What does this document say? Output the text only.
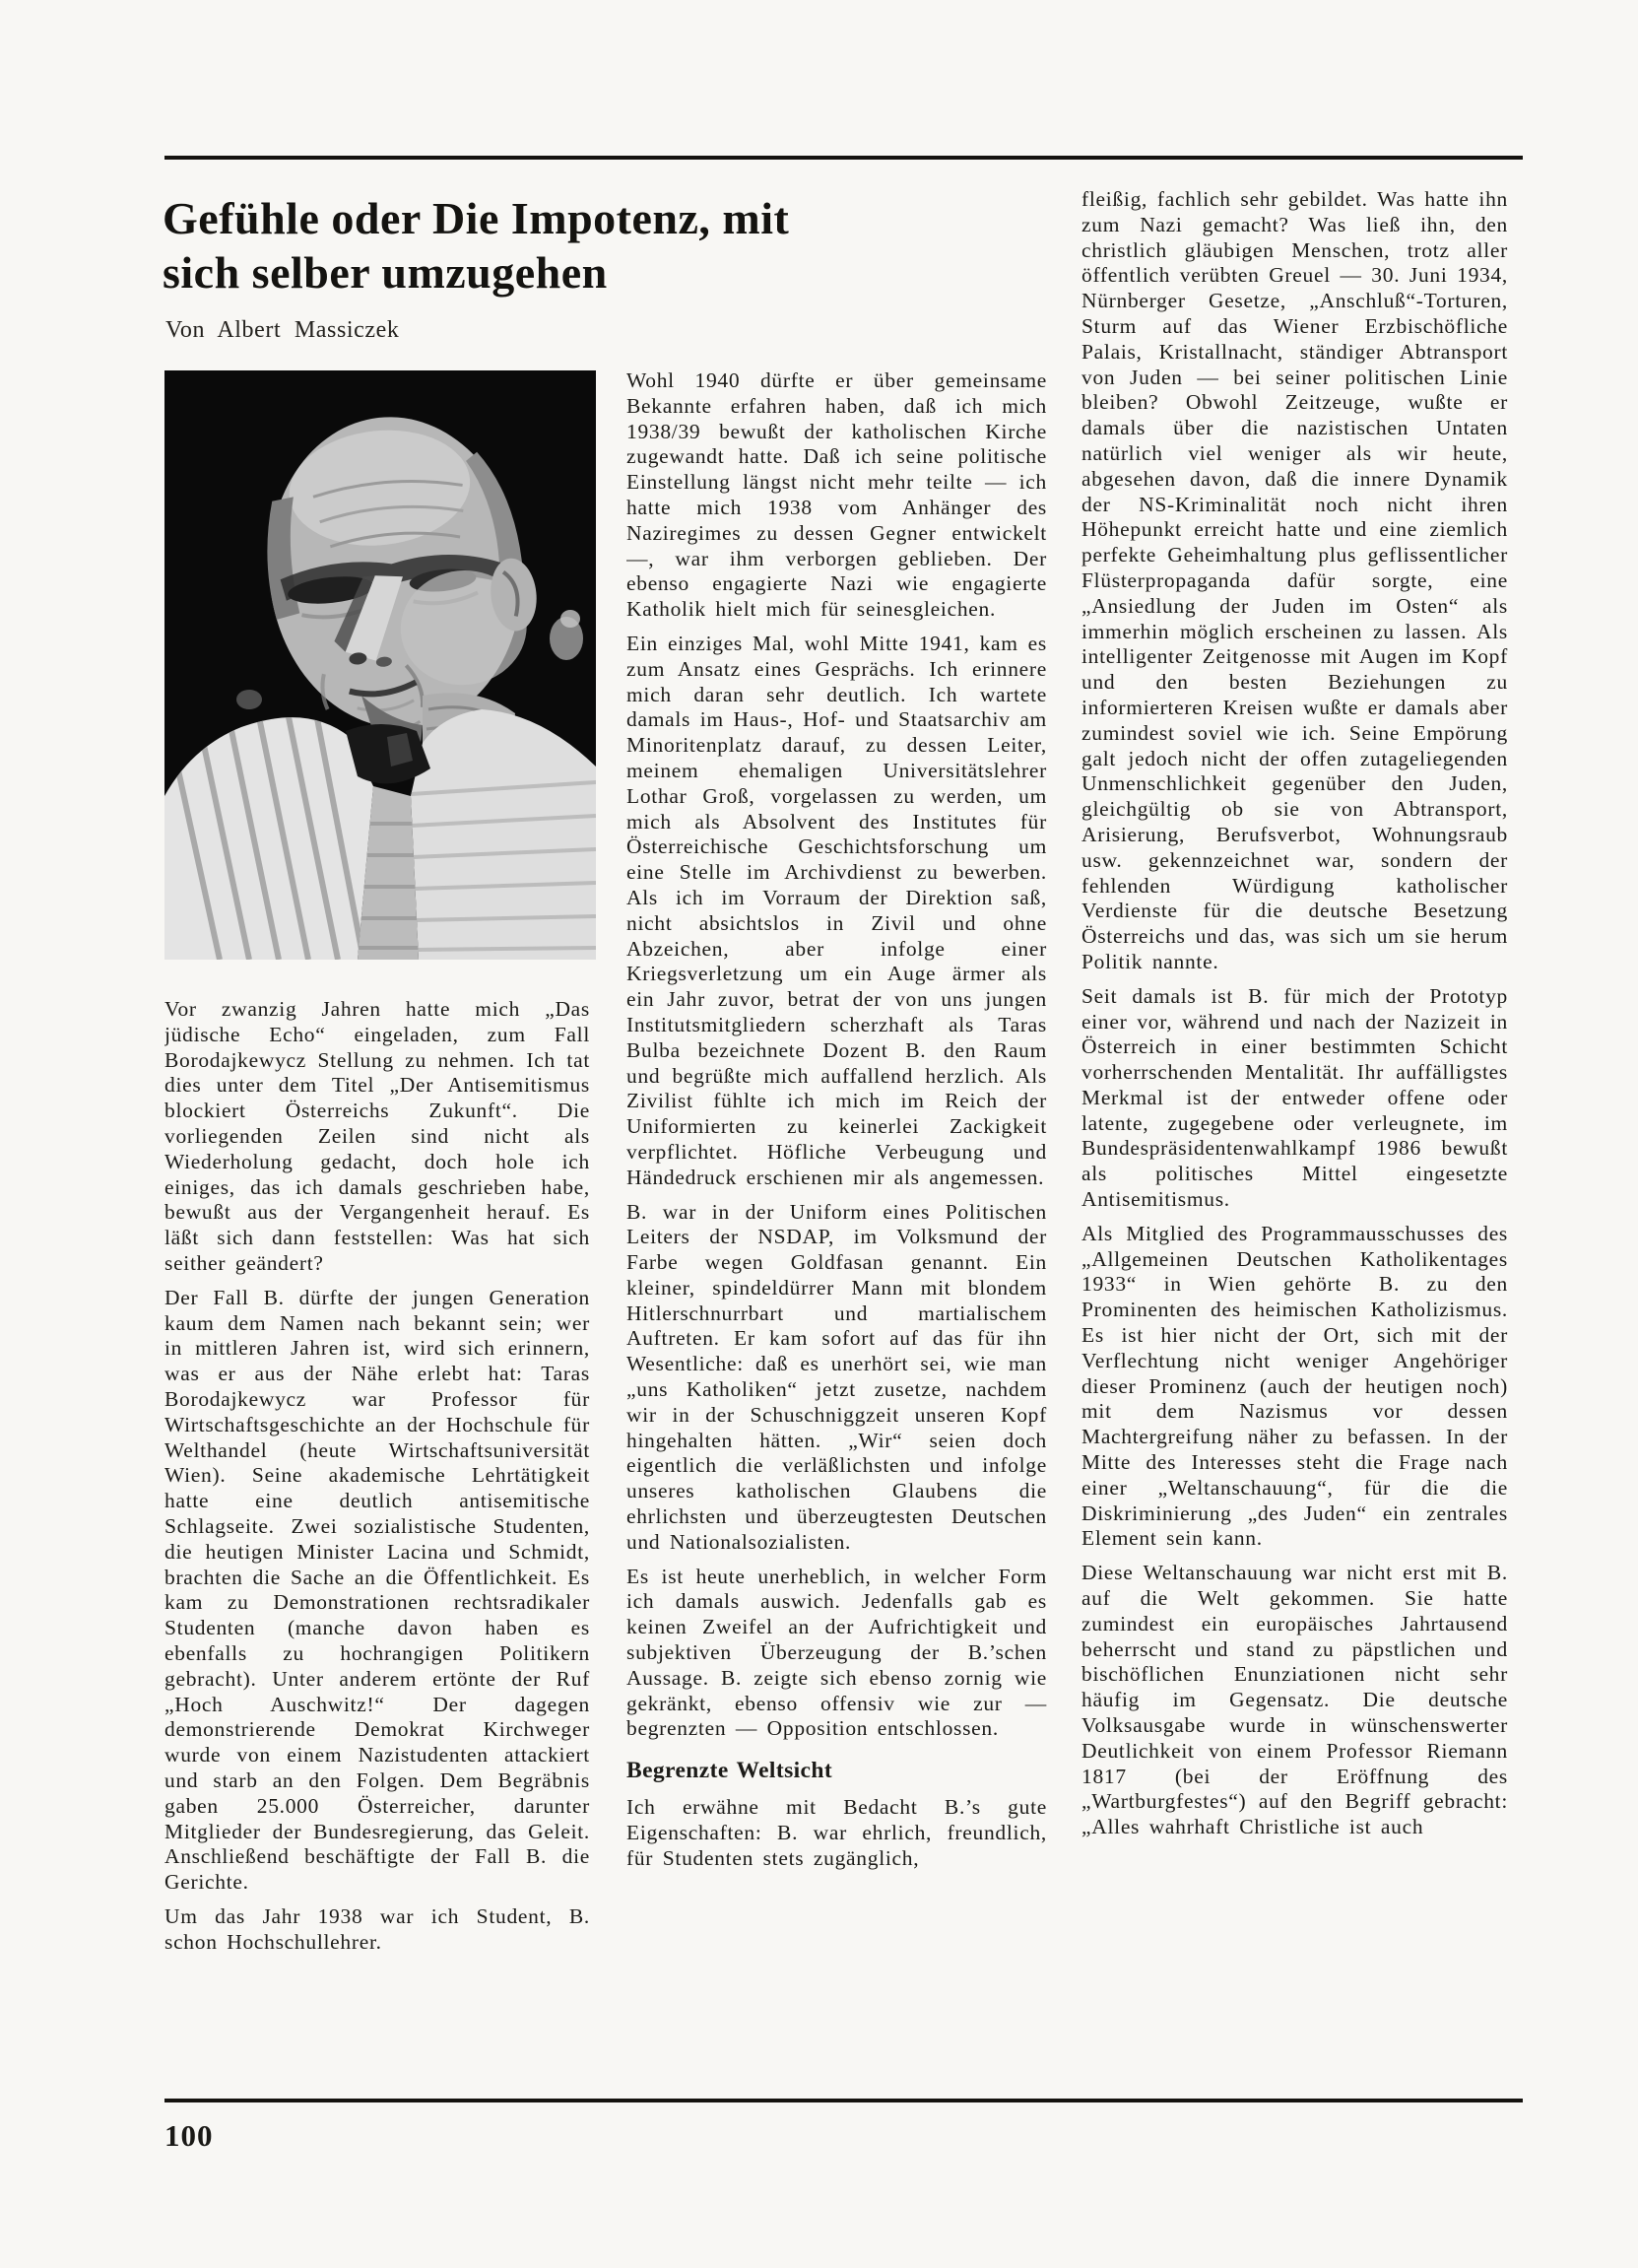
Gefühle oder Die Impotenz, mit
sich selber umzugehen
Von Albert Massiczek

Vor zwanzig Jahren hatte mich „Das jüdische Echo“ eingeladen, zum Fall Borodajkewycz Stellung zu nehmen. Ich tat dies unter dem Titel „Der Antisemitismus blockiert Österreichs Zukunft“. Die vorliegenden Zeilen sind nicht als Wiederholung gedacht, doch hole ich einiges, das ich damals geschrieben habe, bewußt aus der Vergangenheit herauf. Es läßt sich dann feststellen: Was hat sich seither geändert?

Der Fall B. dürfte der jungen Generation kaum dem Namen nach bekannt sein; wer in mittleren Jahren ist, wird sich erinnern, was er aus der Nähe erlebt hat: Taras Borodajkewycz war Professor für Wirtschaftsgeschichte an der Hochschule für Welthandel (heute Wirtschaftsuniversität Wien). Seine akademische Lehrtätigkeit hatte eine deutlich antisemitische Schlagseite. Zwei sozialistische Studenten, die heutigen Minister Lacina und Schmidt, brachten die Sache an die Öffentlichkeit. Es kam zu Demonstrationen rechtsradikaler Studenten (manche davon haben es ebenfalls zu hochrangigen Politikern gebracht). Unter anderem ertönte der Ruf „Hoch Auschwitz!“ Der dagegen demonstrierende Demokrat Kirchweger wurde von einem Nazistudenten attackiert und starb an den Folgen. Dem Begräbnis gaben 25.000 Österreicher, darunter Mitglieder der Bundesregierung, das Geleit. Anschließend beschäftigte der Fall B. die Gerichte.

Um das Jahr 1938 war ich Student, B. schon Hochschullehrer.

Wohl 1940 dürfte er über gemeinsame Bekannte erfahren haben, daß ich mich 1938/39 bewußt der katholischen Kirche zugewandt hatte. Daß ich seine politische Einstellung längst nicht mehr teilte — ich hatte mich 1938 vom Anhänger des Naziregimes zu dessen Gegner entwickelt —, war ihm verborgen geblieben. Der ebenso engagierte Nazi wie engagierte Katholik hielt mich für seinesgleichen.

Ein einziges Mal, wohl Mitte 1941, kam es zum Ansatz eines Gesprächs. Ich erinnere mich daran sehr deutlich. Ich wartete damals im Haus-, Hof- und Staatsarchiv am Minoritenplatz darauf, zu dessen Leiter, meinem ehemaligen Universitätslehrer Lothar Groß, vorgelassen zu werden, um mich als Absolvent des Institutes für Österreichische Geschichtsforschung um eine Stelle im Archivdienst zu bewerben. Als ich im Vorraum der Direktion saß, nicht absichtslos in Zivil und ohne Abzeichen, aber infolge einer Kriegsverletzung um ein Auge ärmer als ein Jahr zuvor, betrat der von uns jungen Institutsmitgliedern scherzhaft als Taras Bulba bezeichnete Dozent B. den Raum und begrüßte mich auffallend herzlich. Als Zivilist fühlte ich mich im Reich der Uniformierten zu keinerlei Zackigkeit verpflichtet. Höfliche Verbeugung und Händedruck erschienen mir als angemessen.

B. war in der Uniform eines Politischen Leiters der NSDAP, im Volksmund der Farbe wegen Goldfasan genannt. Ein kleiner, spindeldürrer Mann mit blondem Hitlerschnurrbart und martialischem Auftreten. Er kam sofort auf das für ihn Wesentliche: daß es unerhört sei, wie man „uns Katholiken“ jetzt zusetze, nachdem wir in der Schuschniggzeit unseren Kopf hingehalten hätten. „Wir“ seien doch eigentlich die verläßlichsten und infolge unseres katholischen Glaubens die ehrlichsten und überzeugtesten Deutschen und Nationalsozialisten.

Es ist heute unerheblich, in welcher Form ich damals auswich. Jedenfalls gab es keinen Zweifel an der Aufrichtigkeit und subjektiven Überzeugung der B.’schen Aussage. B. zeigte sich ebenso zornig wie gekränkt, ebenso offensiv wie zur — begrenzten — Opposition entschlossen.

Begrenzte Weltsicht

Ich erwähne mit Bedacht B.’s gute Eigenschaften: B. war ehrlich, freundlich, für Studenten stets zugänglich,

fleißig, fachlich sehr gebildet. Was hatte ihn zum Nazi gemacht? Was ließ ihn, den christlich gläubigen Menschen, trotz aller öffentlich verübten Greuel — 30. Juni 1934, Nürnberger Gesetze, „Anschluß“-Torturen, Sturm auf das Wiener Erzbischöfliche Palais, Kristallnacht, ständiger Abtransport von Juden — bei seiner politischen Linie bleiben? Obwohl Zeitzeuge, wußte er damals über die nazistischen Untaten natürlich viel weniger als wir heute, abgesehen davon, daß die innere Dynamik der NS-Kriminalität noch nicht ihren Höhepunkt erreicht hatte und eine ziemlich perfekte Geheimhaltung plus geflissentlicher Flüsterpropaganda dafür sorgte, eine „Ansiedlung der Juden im Osten“ als immerhin möglich erscheinen zu lassen. Als intelligenter Zeitgenosse mit Augen im Kopf und den besten Beziehungen zu informierteren Kreisen wußte er damals aber zumindest soviel wie ich. Seine Empörung galt jedoch nicht der offen zutageliegenden Unmenschlichkeit gegenüber den Juden, gleichgültig ob sie von Abtransport, Arisierung, Berufsverbot, Wohnungsraub usw. gekennzeichnet war, sondern der fehlenden Würdigung katholischer Verdienste für die deutsche Besetzung Österreichs und das, was sich um sie herum Politik nannte.

Seit damals ist B. für mich der Prototyp einer vor, während und nach der Nazizeit in Österreich in einer bestimmten Schicht vorherrschenden Mentalität. Ihr auffälligstes Merkmal ist der entweder offene oder latente, zugegebene oder verleugnete, im Bundespräsidentenwahlkampf 1986 bewußt als politisches Mittel eingesetzte Antisemitismus.

Als Mitglied des Programmausschusses des „Allgemeinen Deutschen Katholikentages 1933“ in Wien gehörte B. zu den Prominenten des heimischen Katholizismus. Es ist hier nicht der Ort, sich mit der Verflechtung nicht weniger Angehöriger dieser Prominenz (auch der heutigen noch) mit dem Nazismus vor dessen Machtergreifung näher zu befassen. In der Mitte des Interesses steht die Frage nach einer „Weltanschauung“, für die die Diskriminierung „des Juden“ ein zentrales Element sein kann.

Diese Weltanschauung war nicht erst mit B. auf die Welt gekommen. Sie hatte zumindest ein europäisches Jahrtausend beherrscht und stand zu päpstlichen und bischöflichen Enunziationen nicht sehr häufig im Gegensatz. Die deutsche Volksausgabe wurde in wünschenswerter Deutlichkeit von einem Professor Riemann 1817 (bei der Eröffnung des „Wartburgfestes“) auf den Begriff gebracht: „Alles wahrhaft Christliche ist auch

100
